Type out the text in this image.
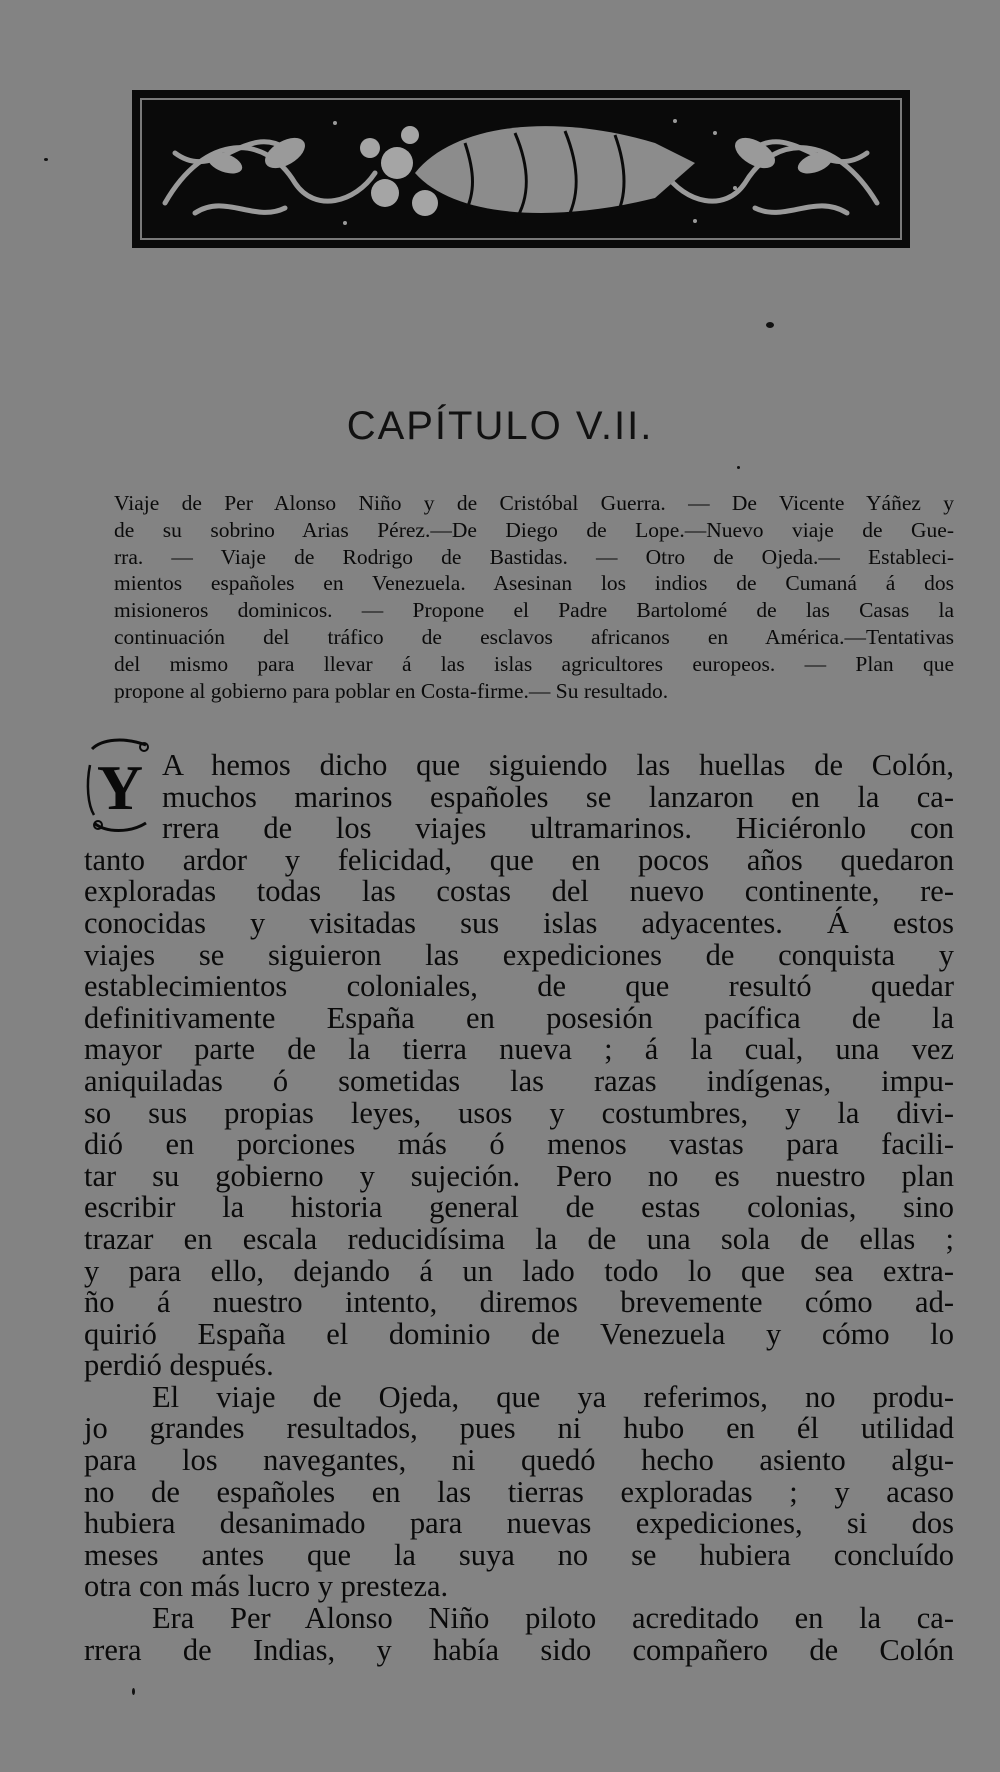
CAPÍTULO V.II.
Viaje de Per Alonso Niño y de Cristóbal Guerra. — De Vicente Yáñez y
de su sobrino Arias Pérez.—De Diego de Lope.—Nuevo viaje de Gue-
rra. — Viaje de Rodrigo de Bastidas. — Otro de Ojeda.— Estableci-
mientos españoles en Venezuela. Asesinan los indios de Cumaná á dos
misioneros dominicos. — Propone el Padre Bartolomé de las Casas la
continuación del tráfico de esclavos africanos en América.—Tentativas
del mismo para llevar á las islas agricultores europeos. — Plan que
propone al gobierno para poblar en Costa-firme.— Su resultado.
Y A hemos dicho que siguiendo las huellas de Colón,
muchos marinos españoles se lanzaron en la ca-
rrera de los viajes ultramarinos. Hiciéronlo con
tanto ardor y felicidad, que en pocos años quedaron
exploradas todas las costas del nuevo continente, re-
conocidas y visitadas sus islas adyacentes. Á estos
viajes se siguieron las expediciones de conquista y
establecimientos coloniales, de que resultó quedar
definitivamente España en posesión pacífica de la
mayor parte de la tierra nueva ; á la cual, una vez
aniquiladas ó sometidas las razas indígenas, impu-
so sus propias leyes, usos y costumbres, y la divi-
dió en porciones más ó menos vastas para facili-
tar su gobierno y sujeción. Pero no es nuestro plan
escribir la historia general de estas colonias, sino
trazar en escala reducidísima la de una sola de ellas ;
y para ello, dejando á un lado todo lo que sea extra-
ño á nuestro intento, diremos brevemente cómo ad-
quirió España el dominio de Venezuela y cómo lo
perdió después.
El viaje de Ojeda, que ya referimos, no produ-
jo grandes resultados, pues ni hubo en él utilidad
para los navegantes, ni quedó hecho asiento algu-
no de españoles en las tierras exploradas ; y acaso
hubiera desanimado para nuevas expediciones, si dos
meses antes que la suya no se hubiera concluído
otra con más lucro y presteza.
Era Per Alonso Niño piloto acreditado en la ca-
rrera de Indias, y había sido compañero de Colón
